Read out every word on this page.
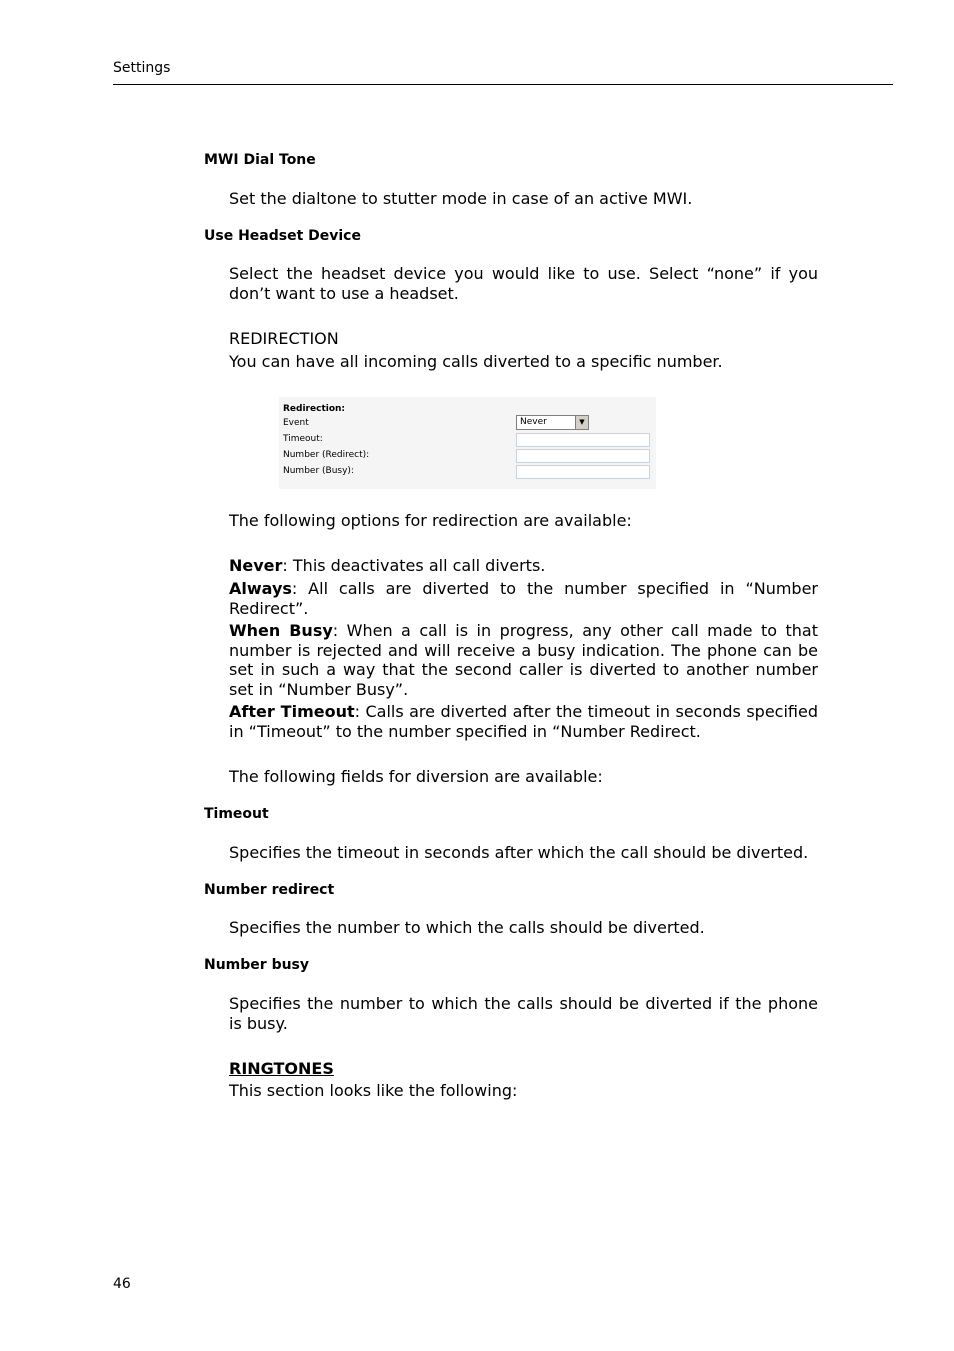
Settings
MWI Dial Tone
Set the dialtone to stutter mode in case of an active MWI.
Use Headset Device
Select the headset device you would like to use. Select “none” if you don’t want to use a headset.
REDIRECTION
You can have all incoming calls diverted to a specific number.
Redirection:
Event	Never	▼
Timeout:
Number (Redirect):
Number (Busy):
The following options for redirection are available:
Never: This deactivates all call diverts.
Always: All calls are diverted to the number specified in “Number Redirect”.
When Busy: When a call is in progress, any other call made to that number is rejected and will receive a busy indication. The phone can be set in such a way that the second caller is diverted to another number set in “Number Busy”.
After Timeout: Calls are diverted after the timeout in seconds specified in “Timeout” to the number specified in “Number Redirect.
The following fields for diversion are available:
Timeout
Specifies the timeout in seconds after which the call should be diverted.
Number redirect
Specifies the number to which the calls should be diverted.
Number busy
Specifies the number to which the calls should be diverted if the phone is busy.
RINGTONES
This section looks like the following:
46
